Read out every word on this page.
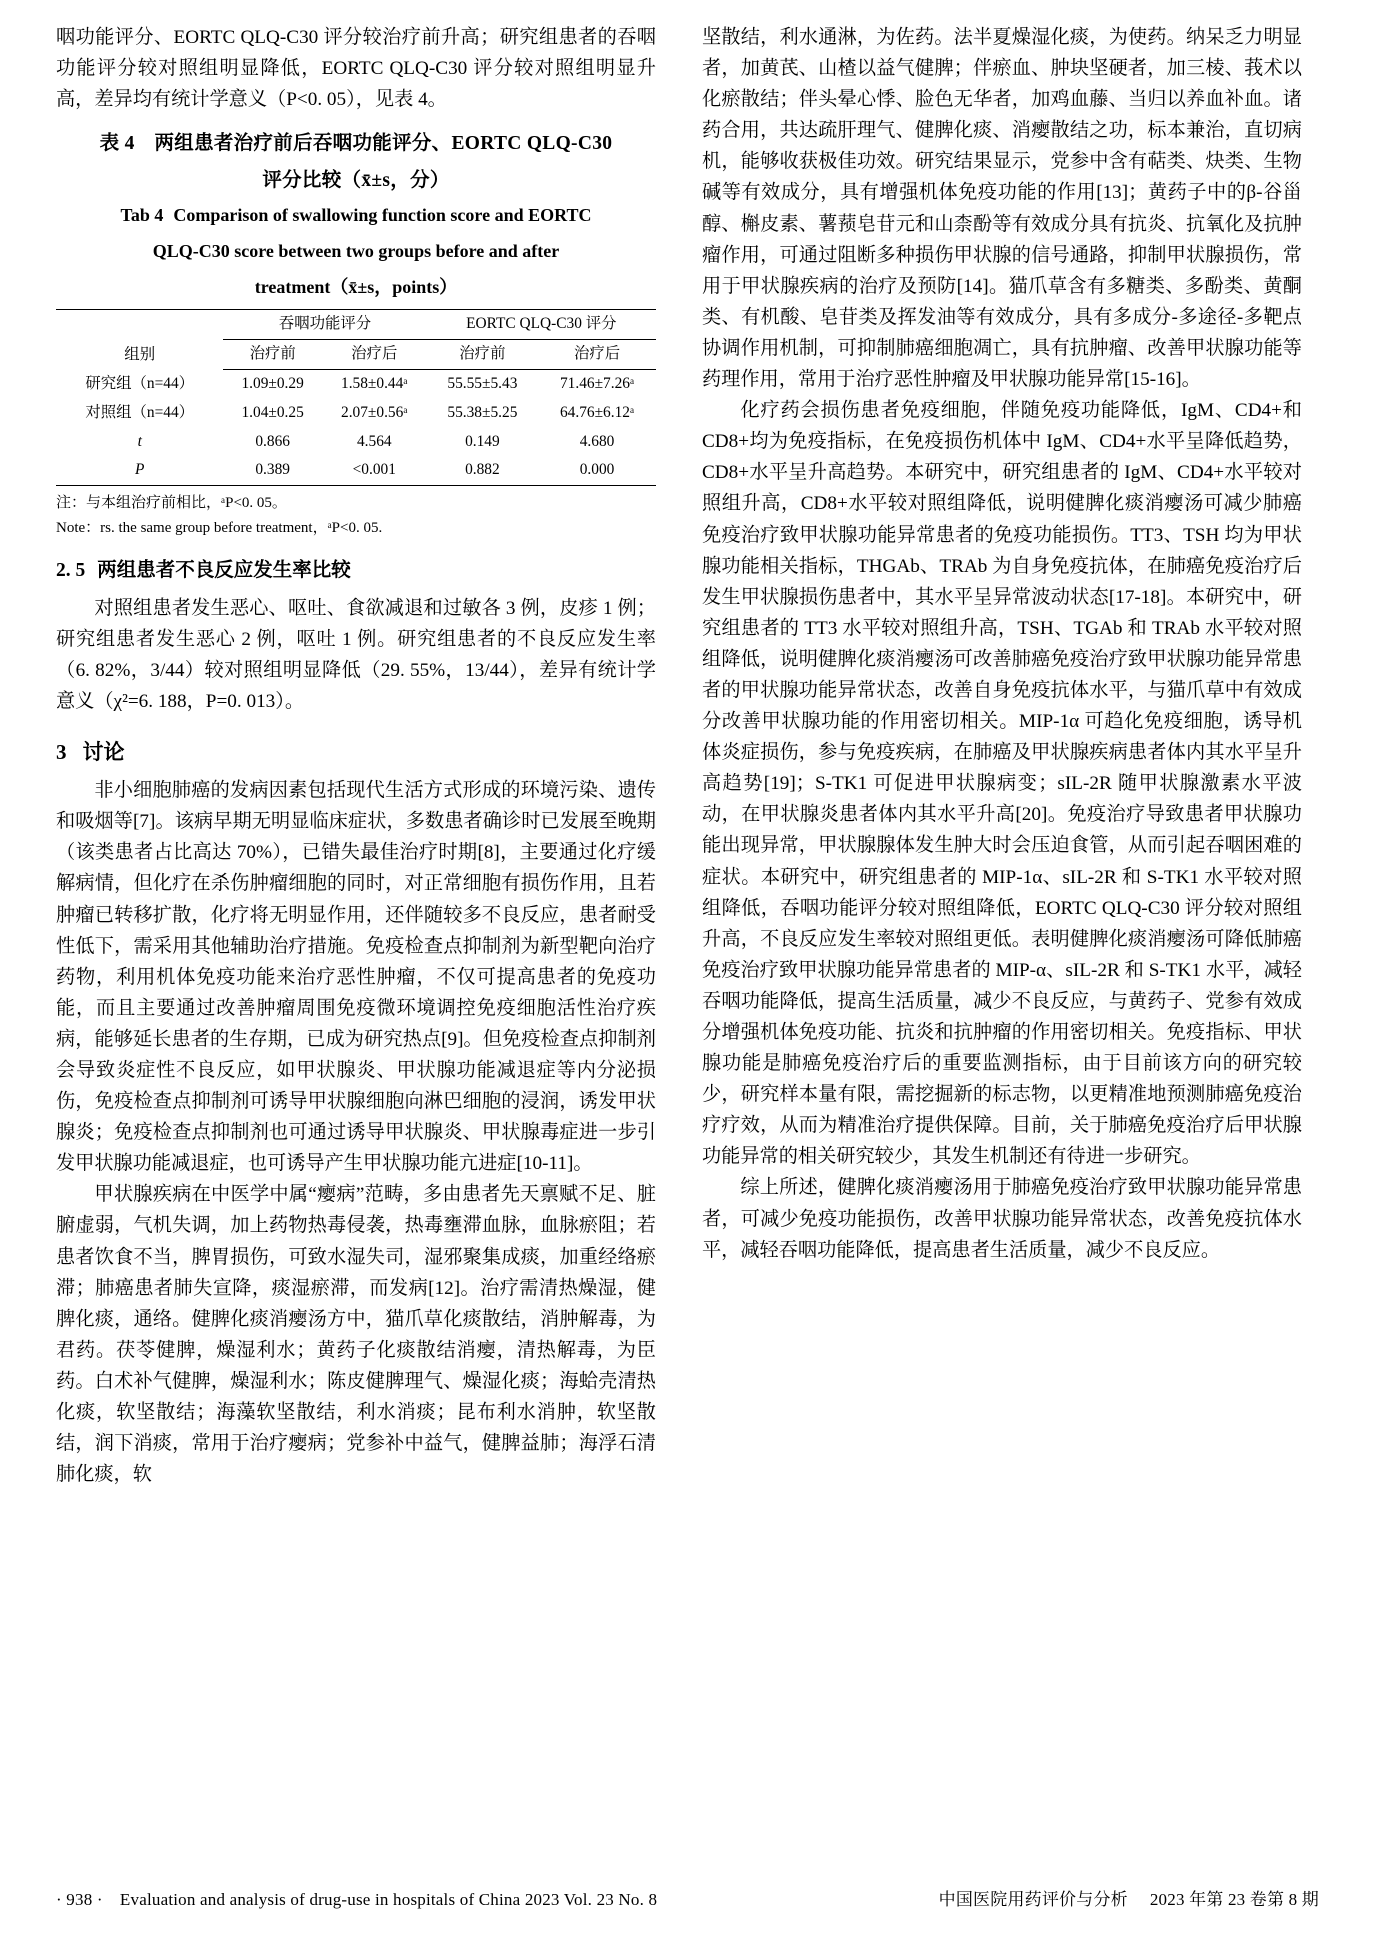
咽功能评分、EORTC QLQ-C30 评分较治疗前升高；研究组患者的吞咽功能评分较对照组明显降低，EORTC QLQ-C30 评分较对照组明显升高，差异均有统计学意义（P<0. 05），见表 4。

表 4　两组患者治疗前后吞咽功能评分、EORTC QLQ-C30
评分比较（x̄±s，分）
Tab 4 Comparison of swallowing function score and EORTC
QLQ-C30 score between two groups before and after
treatment（x̄±s，points）
组别	吞咽功能评分		EORTC QLQ-C30 评分	
	治疗前	治疗后	治疗前	治疗后
研究组（n=44）	1.09±0.29	1.58±0.44ᵃ	55.55±5.43	71.46±7.26ᵃ
对照组（n=44）	1.04±0.25	2.07±0.56ᵃ	55.38±5.25	64.76±6.12ᵃ
t	0.866	4.564	0.149	4.680
P	0.389	<0.001	0.882	0.000

注：与本组治疗前相比，ᵃP<0. 05。

Note：rs. the same group before treatment，ᵃP<0. 05.

2. 5 两组患者不良反应发生率比较

对照组患者发生恶心、呕吐、食欲减退和过敏各 3 例，皮疹 1 例；研究组患者发生恶心 2 例，呕吐 1 例。研究组患者的不良反应发生率（6. 82%，3/44）较对照组明显降低（29. 55%，13/44），差异有统计学意义（χ²=6. 188，P=0. 013）。

3 讨论

非小细胞肺癌的发病因素包括现代生活方式形成的环境污染、遗传和吸烟等[7]。该病早期无明显临床症状，多数患者确诊时已发展至晚期（该类患者占比高达 70%），已错失最佳治疗时期[8]，主要通过化疗缓解病情，但化疗在杀伤肿瘤细胞的同时，对正常细胞有损伤作用，且若肿瘤已转移扩散，化疗将无明显作用，还伴随较多不良反应，患者耐受性低下，需采用其他辅助治疗措施。免疫检查点抑制剂为新型靶向治疗药物，利用机体免疫功能来治疗恶性肿瘤，不仅可提高患者的免疫功能，而且主要通过改善肿瘤周围免疫微环境调控免疫细胞活性治疗疾病，能够延长患者的生存期，已成为研究热点[9]。但免疫检查点抑制剂会导致炎症性不良反应，如甲状腺炎、甲状腺功能减退症等内分泌损伤，免疫检查点抑制剂可诱导甲状腺细胞向淋巴细胞的浸润，诱发甲状腺炎；免疫检查点抑制剂也可通过诱导甲状腺炎、甲状腺毒症进一步引发甲状腺功能减退症，也可诱导产生甲状腺功能亢进症[10-11]。

甲状腺疾病在中医学中属“瘿病”范畴，多由患者先天禀赋不足、脏腑虚弱，气机失调，加上药物热毒侵袭，热毒壅滞血脉，血脉瘀阻；若患者饮食不当，脾胃损伤，可致水湿失司，湿邪聚集成痰，加重经络瘀滞；肺癌患者肺失宣降，痰湿瘀滞，而发病[12]。治疗需清热燥湿，健脾化痰，通络。健脾化痰消瘿汤方中，猫爪草化痰散结，消肿解毒，为君药。茯苓健脾，燥湿利水；黄药子化痰散结消瘿，清热解毒，为臣药。白术补气健脾，燥湿利水；陈皮健脾理气、燥湿化痰；海蛤壳清热化痰，软坚散结；海藻软坚散结，利水消痰；昆布利水消肿，软坚散结，润下消痰，常用于治疗瘿病；党参补中益气，健脾益肺；海浮石清肺化痰，软

坚散结，利水通淋，为佐药。法半夏燥湿化痰，为使药。纳呆乏力明显者，加黄芪、山楂以益气健脾；伴瘀血、肿块坚硬者，加三棱、莪术以化瘀散结；伴头晕心悸、脸色无华者，加鸡血藤、当归以养血补血。诸药合用，共达疏肝理气、健脾化痰、消瘿散结之功，标本兼治，直切病机，能够收获极佳功效。研究结果显示，党参中含有萜类、炔类、生物碱等有效成分，具有增强机体免疫功能的作用[13]；黄药子中的β-谷甾醇、槲皮素、薯蓣皂苷元和山柰酚等有效成分具有抗炎、抗氧化及抗肿瘤作用，可通过阻断多种损伤甲状腺的信号通路，抑制甲状腺损伤，常用于甲状腺疾病的治疗及预防[14]。猫爪草含有多糖类、多酚类、黄酮类、有机酸、皂苷类及挥发油等有效成分，具有多成分-多途径-多靶点协调作用机制，可抑制肺癌细胞凋亡，具有抗肿瘤、改善甲状腺功能等药理作用，常用于治疗恶性肿瘤及甲状腺功能异常[15-16]。

化疗药会损伤患者免疫细胞，伴随免疫功能降低，IgM、CD4+和 CD8+均为免疫指标，在免疫损伤机体中 IgM、CD4+水平呈降低趋势，CD8+水平呈升高趋势。本研究中，研究组患者的 IgM、CD4+水平较对照组升高，CD8+水平较对照组降低，说明健脾化痰消瘿汤可减少肺癌免疫治疗致甲状腺功能异常患者的免疫功能损伤。TT3、TSH 均为甲状腺功能相关指标，THGAb、TRAb 为自身免疫抗体，在肺癌免疫治疗后发生甲状腺损伤患者中，其水平呈异常波动状态[17-18]。本研究中，研究组患者的 TT3 水平较对照组升高，TSH、TGAb 和 TRAb 水平较对照组降低，说明健脾化痰消瘿汤可改善肺癌免疫治疗致甲状腺功能异常患者的甲状腺功能异常状态，改善自身免疫抗体水平，与猫爪草中有效成分改善甲状腺功能的作用密切相关。MIP-1α 可趋化免疫细胞，诱导机体炎症损伤，参与免疫疾病，在肺癌及甲状腺疾病患者体内其水平呈升高趋势[19]；S-TK1 可促进甲状腺病变；sIL-2R 随甲状腺激素水平波动，在甲状腺炎患者体内其水平升高[20]。免疫治疗导致患者甲状腺功能出现异常，甲状腺腺体发生肿大时会压迫食管，从而引起吞咽困难的症状。本研究中，研究组患者的 MIP-1α、sIL-2R 和 S-TK1 水平较对照组降低，吞咽功能评分较对照组降低，EORTC QLQ-C30 评分较对照组升高，不良反应发生率较对照组更低。表明健脾化痰消瘿汤可降低肺癌免疫治疗致甲状腺功能异常患者的 MIP-α、sIL-2R 和 S-TK1 水平，减轻吞咽功能降低，提高生活质量，减少不良反应，与黄药子、党参有效成分增强机体免疫功能、抗炎和抗肿瘤的作用密切相关。免疫指标、甲状腺功能是肺癌免疫治疗后的重要监测指标，由于目前该方向的研究较少，研究样本量有限，需挖掘新的标志物，以更精准地预测肺癌免疫治疗疗效，从而为精准治疗提供保障。目前，关于肺癌免疫治疗后甲状腺功能异常的相关研究较少，其发生机制还有待进一步研究。

综上所述，健脾化痰消瘿汤用于肺癌免疫治疗致甲状腺功能异常患者，可减少免疫功能损伤，改善甲状腺功能异常状态，改善免疫抗体水平，减轻吞咽功能降低，提高患者生活质量，减少不良反应。

· 938 ·　Evaluation and analysis of drug-use in hospitals of China 2023 Vol. 23 No. 8	中国医院用药评价与分析 2023 年第 23 卷第 8 期
